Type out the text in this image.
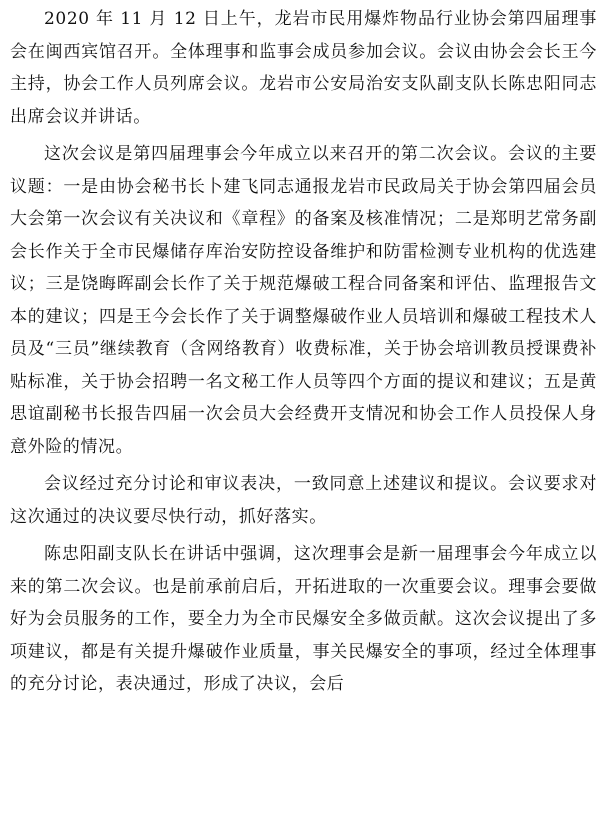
2020 年 11 月 12 日上午，龙岩市民用爆炸物品行业协会第四届理事会在闽西宾馆召开。全体理事和监事会成员参加会议。会议由协会会长王今主持，协会工作人员列席会议。龙岩市公安局治安支队副支队长陈忠阳同志出席会议并讲话。

这次会议是第四届理事会今年成立以来召开的第二次会议。会议的主要议题：一是由协会秘书长卜建飞同志通报龙岩市民政局关于协会第四届会员大会第一次会议有关决议和《章程》的备案及核准情况；二是郑明艺常务副会长作关于全市民爆储存库治安防控设备维护和防雷检测专业机构的优选建议；三是饶晦晖副会长作了关于规范爆破工程合同备案和评估、监理报告文本的建议；四是王今会长作了关于调整爆破作业人员培训和爆破工程技术人员及“三员”继续教育（含网络教育）收费标准，关于协会培训教员授课费补贴标准，关于协会招聘一名文秘工作人员等四个方面的提议和建议；五是黄思谊副秘书长报告四届一次会员大会经费开支情况和协会工作人员投保人身意外险的情况。

会议经过充分讨论和审议表决，一致同意上述建议和提议。会议要求对这次通过的决议要尽快行动，抓好落实。

陈忠阳副支队长在讲话中强调，这次理事会是新一届理事会今年成立以来的第二次会议。也是前承前启后，开拓进取的一次重要会议。理事会要做好为会员服务的工作，要全力为全市民爆安全多做贡献。这次会议提出了多项建议，都是有关提升爆破作业质量，事关民爆安全的事项，经过全体理事的充分讨论，表决通过，形成了决议，会后
